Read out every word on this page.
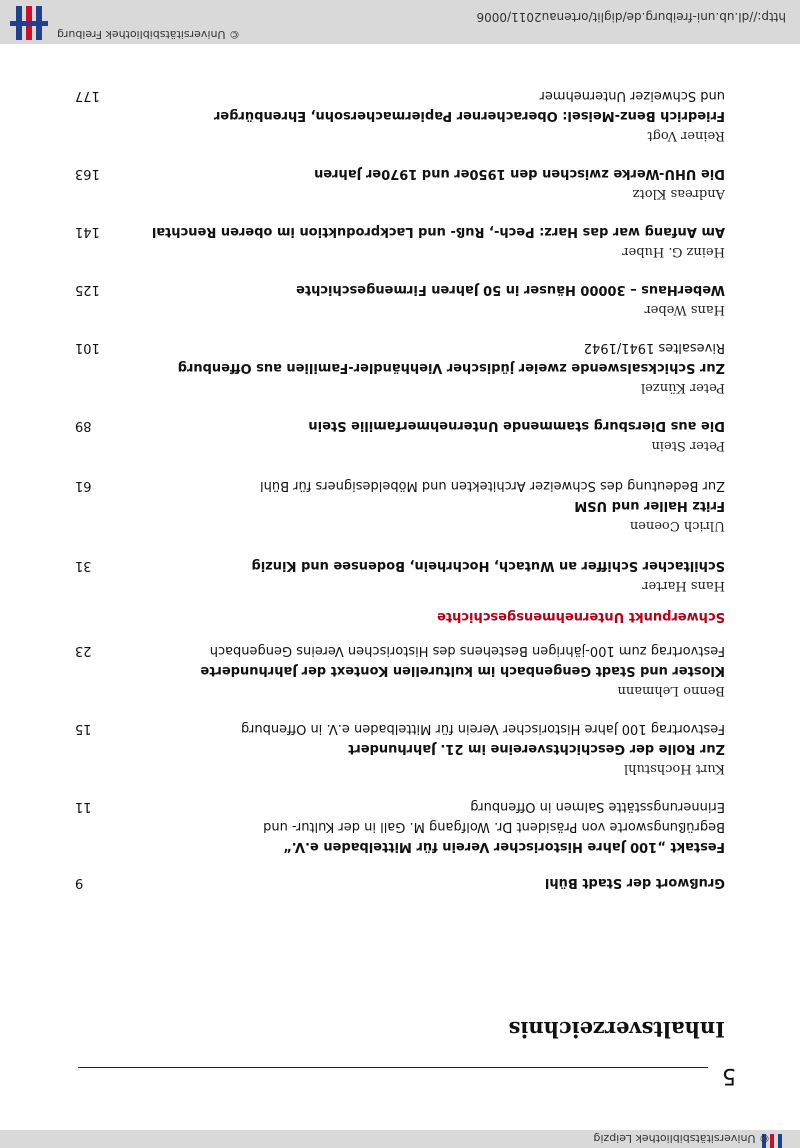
© Universitätsbibliothek Leipzig
5
Inhaltsverzeichnis
Grußwort der Stadt Bühl
9
Festakt „100 Jahre Historischer Verein für Mittelbaden e.V.“
Begrüßungsworte von Präsident Dr. Wolfgang M. Gall in der Kultur- und
Erinnerungsstätte Salmen in Offenburg
11
Kurt Hochstuhl
Zur Rolle der Geschichtsvereine im 21. Jahrhundert
Festvortrag 100 Jahre Historischer Verein für Mittelbaden e.V. in Offenburg
15
Benno Lehmann
Kloster und Stadt Gengenbach im kulturellen Kontext der Jahrhunderte
Festvortrag zum 100-jährigen Bestehens des Historischen Vereins Gengenbach
23
Schwerpunkt Unternehmensgeschichte
Hans Harter
Schiltacher Schiffer an Wutach, Hochrhein, Bodensee und Kinzig
31
Ulrich Coenen
Fritz Haller und USM
Zur Bedeutung des Schweizer Architekten und Möbeldesigners für Bühl
61
Peter Stein
Die aus Diersburg stammende Unternehmerfamilie Stein
89
Peter Künzel
Zur Schicksalswende zweier jüdischer Viehhändler-Familien aus Offenburg
Rivesaltes 1941/1942
101
Hans Weber
WeberHaus – 30000 Häuser in 50 Jahren Firmengeschichte
125
Heinz G. Huber
Am Anfang war das Harz: Pech-, Ruß- und Lackproduktion im oberen Renchtal
141
Andreas Klotz
Die UHU-Werke zwischen den 1950er und 1970er Jahren
163
Reiner Vogt
Friedrich Benz-Meisel: Oberacherner Papiermachersohn, Ehrenbürger
und Schweizer Unternehmer
177
http://dl.ub.uni-freiburg.de/diglit/ortenau2011/0006
© Universitätsbibliothek Freiburg
